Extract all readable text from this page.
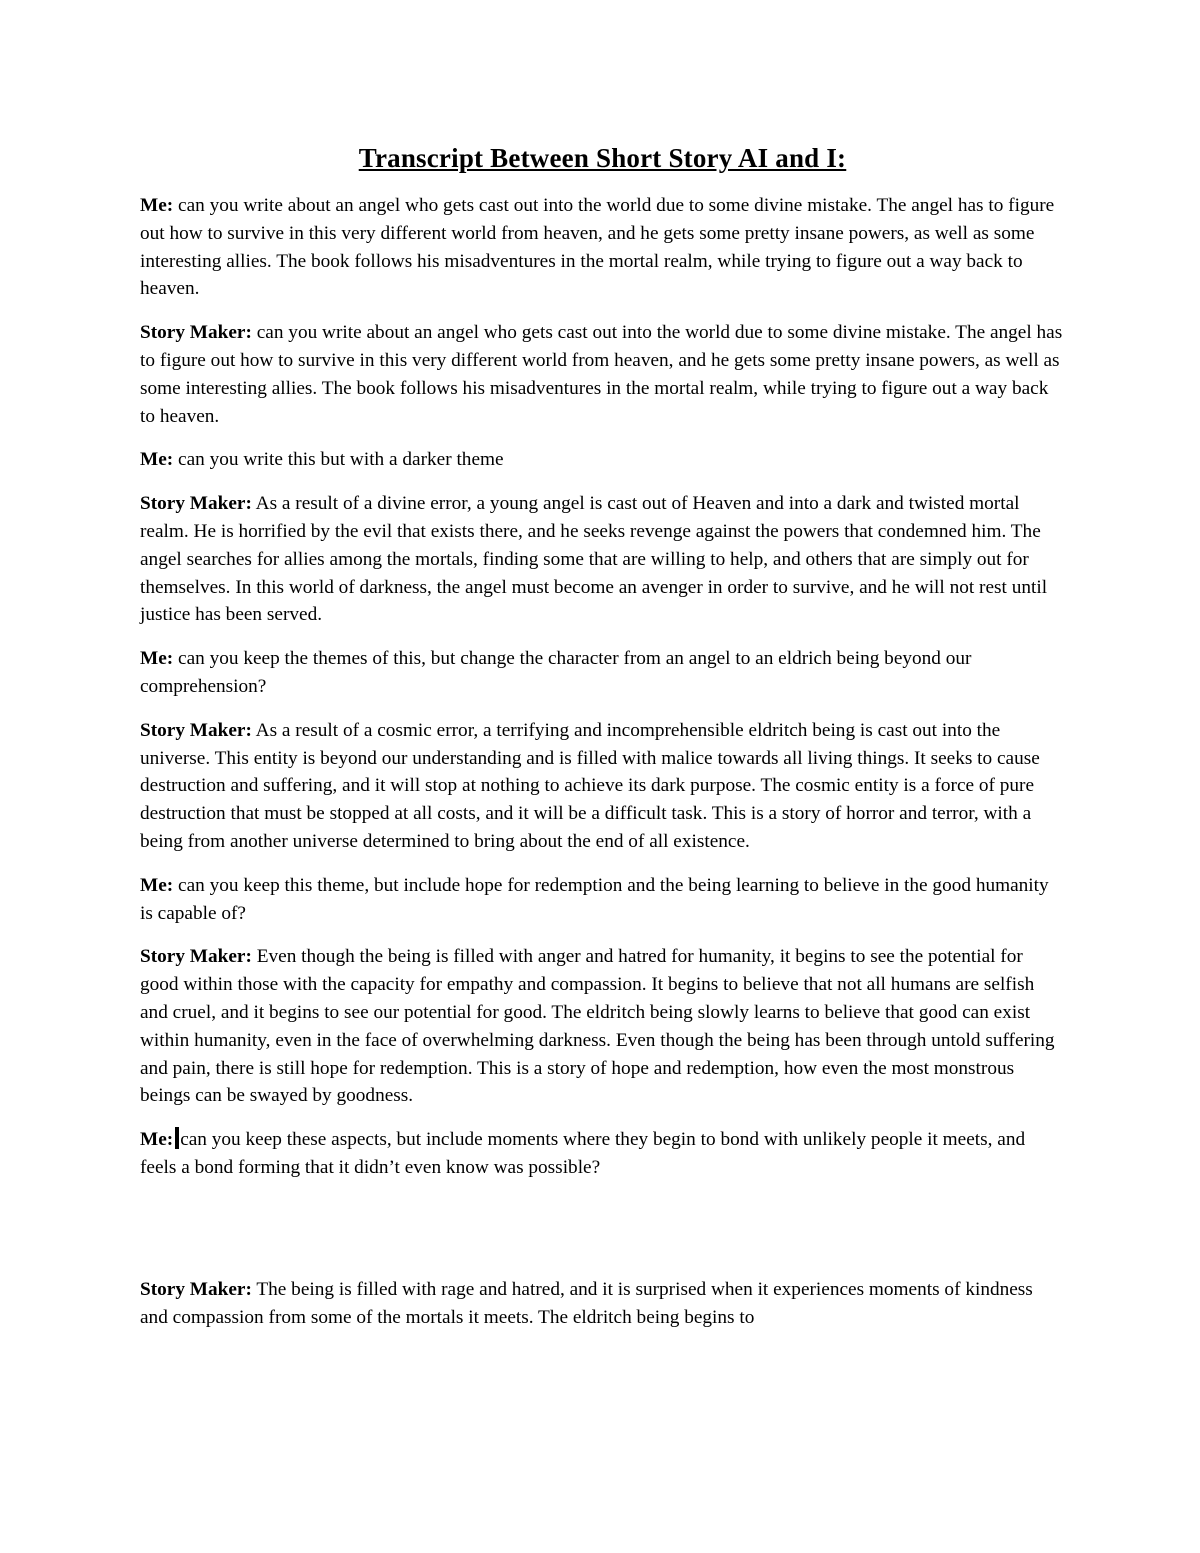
Transcript Between Short Story AI and I:

Me: can you write about an angel who gets cast out into the world due to some divine mistake. The angel has to figure out how to survive in this very different world from heaven, and he gets some pretty insane powers, as well as some interesting allies. The book follows his misadventures in the mortal realm, while trying to figure out a way back to heaven.

Story Maker: can you write about an angel who gets cast out into the world due to some divine mistake. The angel has to figure out how to survive in this very different world from heaven, and he gets some pretty insane powers, as well as some interesting allies. The book follows his misadventures in the mortal realm, while trying to figure out a way back to heaven.

Me: can you write this but with a darker theme

Story Maker: As a result of a divine error, a young angel is cast out of Heaven and into a dark and twisted mortal realm. He is horrified by the evil that exists there, and he seeks revenge against the powers that condemned him. The angel searches for allies among the mortals, finding some that are willing to help, and others that are simply out for themselves. In this world of darkness, the angel must become an avenger in order to survive, and he will not rest until justice has been served.

Me: can you keep the themes of this, but change the character from an angel to an eldrich being beyond our comprehension?

Story Maker: As a result of a cosmic error, a terrifying and incomprehensible eldritch being is cast out into the universe. This entity is beyond our understanding and is filled with malice towards all living things. It seeks to cause destruction and suffering, and it will stop at nothing to achieve its dark purpose. The cosmic entity is a force of pure destruction that must be stopped at all costs, and it will be a difficult task. This is a story of horror and terror, with a being from another universe determined to bring about the end of all existence.

Me: can you keep this theme, but include hope for redemption and the being learning to believe in the good humanity is capable of?

Story Maker: Even though the being is filled with anger and hatred for humanity, it begins to see the potential for good within those with the capacity for empathy and compassion. It begins to believe that not all humans are selfish and cruel, and it begins to see our potential for good. The eldritch being slowly learns to believe that good can exist within humanity, even in the face of overwhelming darkness. Even though the being has been through untold suffering and pain, there is still hope for redemption. This is a story of hope and redemption, how even the most monstrous beings can be swayed by goodness.

Me: can you keep these aspects, but include moments where they begin to bond with unlikely people it meets, and feels a bond forming that it didn’t even know was possible?

Story Maker: The being is filled with rage and hatred, and it is surprised when it experiences moments of kindness and compassion from some of the mortals it meets. The eldritch being begins to
